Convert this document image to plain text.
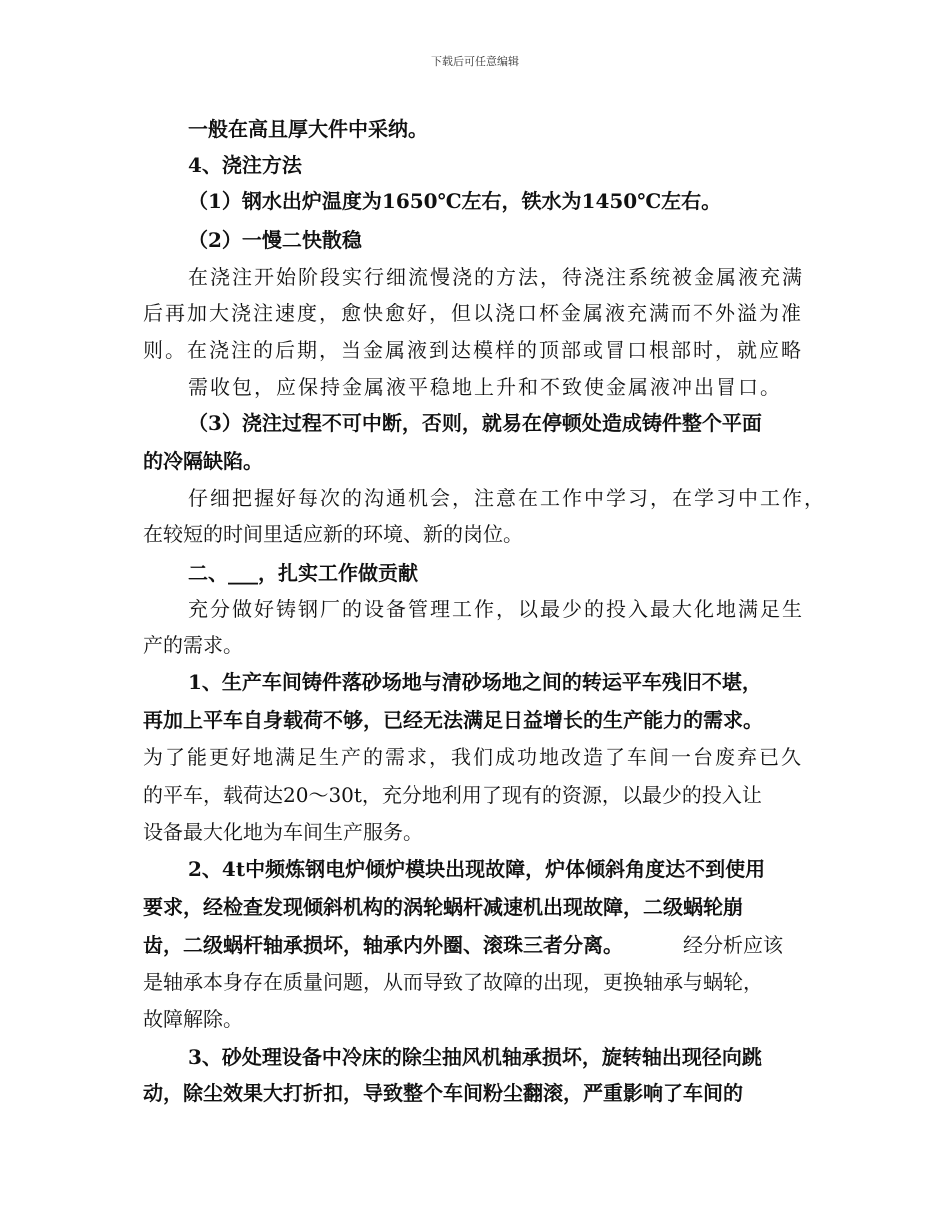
下载后可任意编辑
一般在高且厚大件中采纳。
4、浇注方法
（1）钢水出炉温度为1650℃左右，铁水为1450℃左右。
（2）一慢二快散稳
在浇注开始阶段实行细流慢浇的方法，待浇注系统被金属液充满
后再加大浇注速度，愈快愈好，但以浇口杯金属液充满而不外溢为准
则。在浇注的后期，当金属液到达模样的顶部或冒口根部时，就应略
需收包，应保持金属液平稳地上升和不致使金属液冲出冒口。
（3）浇注过程不可中断，否则，就易在停顿处造成铸件整个平面
的冷隔缺陷。
仔细把握好每次的沟通机会，注意在工作中学习，在学习中工作，
在较短的时间里适应新的环境、新的岗位。
二、___，扎实工作做贡献
充分做好铸钢厂的设备管理工作，以最少的投入最大化地满足生
产的需求。
1、生产车间铸件落砂场地与清砂场地之间的转运平车残旧不堪，
再加上平车自身载荷不够，已经无法满足日益增长的生产能力的需求。
为了能更好地满足生产的需求，我们成功地改造了车间一台废弃已久
的平车，载荷达20～30t，充分地利用了现有的资源，以最少的投入让
设备最大化地为车间生产服务。
2、4t中频炼钢电炉倾炉模块出现故障，炉体倾斜角度达不到使用
要求，经检查发现倾斜机构的涡轮蜗杆减速机出现故障，二级蜗轮崩
齿，二级蜗杆轴承损坏，轴承内外圈、滚珠三者分离。	经分析应该
是轴承本身存在质量问题，从而导致了故障的出现，更换轴承与蜗轮，
故障解除。
3、砂处理设备中冷床的除尘抽风机轴承损坏，旋转轴出现径向跳
动，除尘效果大打折扣，导致整个车间粉尘翻滚，严重影响了车间的
